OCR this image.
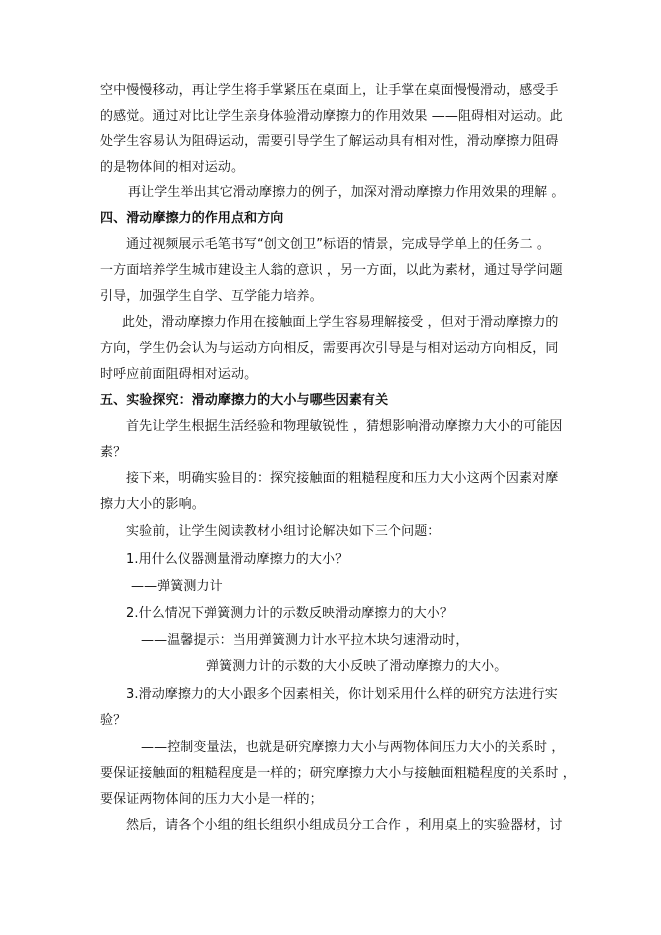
空中慢慢移动，再让学生将手掌紧压在桌面上，让手掌在桌面慢慢滑动，感受手
的感觉。通过对比让学生亲身体验滑动摩擦力的作用效果 ——阻碍相对运动。此
处学生容易认为阻碍运动，需要引导学生了解运动具有相对性，滑动摩擦力阻碍
的是物体间的相对运动。
再让学生举出其它滑动摩擦力的例子，加深对滑动摩擦力作用效果的理解 。
四、滑动摩擦力的作用点和方向
通过视频展示毛笔书写“创文创卫”标语的情景，完成导学单上的任务二 。
一方面培养学生城市建设主人翁的意识 ，另一方面，以此为素材，通过导学问题
引导，加强学生自学、互学能力培养。
此处，滑动摩擦力作用在接触面上学生容易理解接受 ，但对于滑动摩擦力的
方向，学生仍会认为与运动方向相反，需要再次引导是与相对运动方向相反，同
时呼应前面阻碍相对运动。
五、实验探究：滑动摩擦力的大小与哪些因素有关
首先让学生根据生活经验和物理敏锐性 ，猜想影响滑动摩擦力大小的可能因
素？
接下来，明确实验目的：探究接触面的粗糙程度和压力大小这两个因素对摩
擦力大小的影响。
实验前，让学生阅读教材小组讨论解决如下三个问题：
1.用什么仪器测量滑动摩擦力的大小？
——弹簧测力计
2.什么情况下弹簧测力计的示数反映滑动摩擦力的大小？
——温馨提示：当用弹簧测力计水平拉木块匀速滑动时，
弹簧测力计的示数的大小反映了滑动摩擦力的大小。
3.滑动摩擦力的大小跟多个因素相关，你计划采用什么样的研究方法进行实
验？
——控制变量法，也就是研究摩擦力大小与两物体间压力大小的关系时 ，
要保证接触面的粗糙程度是一样的；研究摩擦力大小与接触面粗糙程度的关系时 ，
要保证两物体间的压力大小是一样的；
然后，请各个小组的组长组织小组成员分工合作 ，利用桌上的实验器材，讨
